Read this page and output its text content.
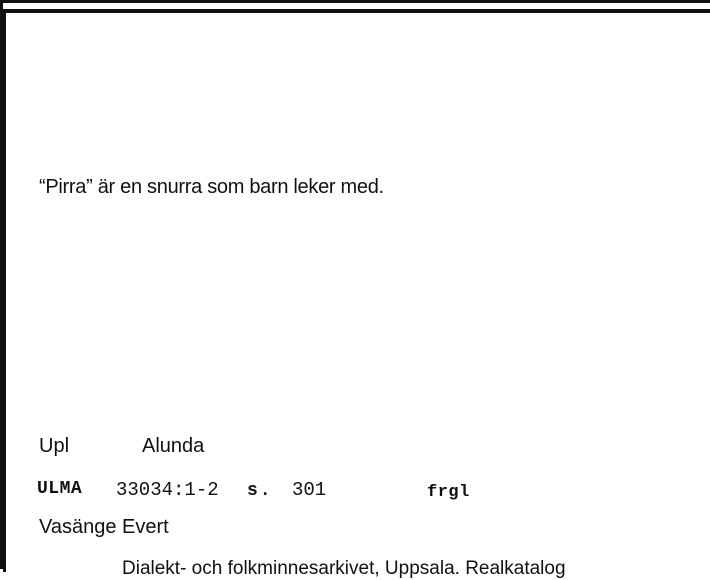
“Pirra” är en snurra som barn leker med.
Upl	Alunda
ULMA 33034:1-2 s. 301	frgl
Vasänge Evert
Dialekt- och folkminnesarkivet, Uppsala. Realkatalog
